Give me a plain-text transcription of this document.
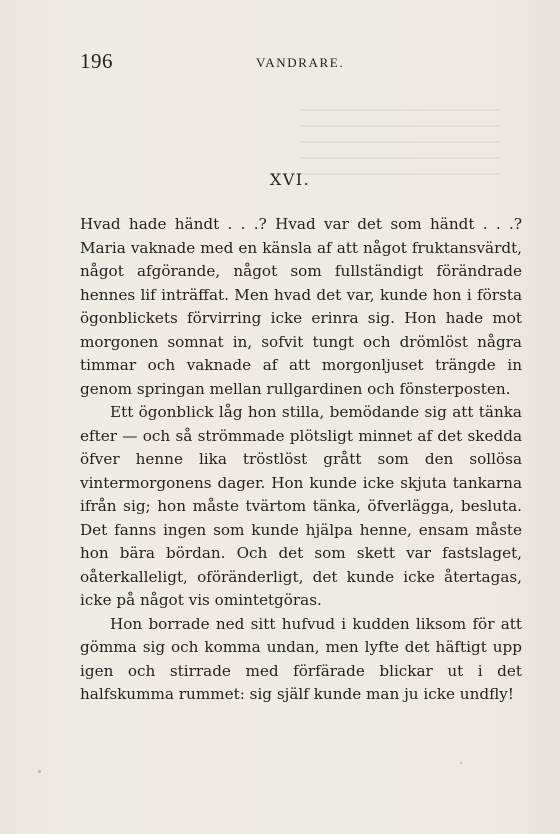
196	VANDRARE.
XVI.

Hvad hade händt . . .? Hvad var det som händt . . .? Maria vaknade med en känsla af att något fruktansvärdt, något afgörande, något som fullständigt förändrade hennes lif inträffat. Men hvad det var, kunde hon i första ögonblickets förvirring icke erinra sig. Hon hade mot morgonen somnat in, sofvit tungt och drömlöst några timmar och vaknade af att morgonljuset trängde in genom springan mellan rullgardinen och fönsterposten.

Ett ögonblick låg hon stilla, bemödande sig att tänka efter — och så strömmade plötsligt minnet af det skedda öfver henne lika tröstlöst grått som den sollösa vintermorgonens dager. Hon kunde icke skjuta tankarna ifrån sig; hon måste tvärtom tänka, öfverlägga, besluta. Det fanns ingen som kunde hjälpa henne, ensam måste hon bära bördan. Och det som skett var fastslaget, oåterkalleligt, oföränderligt, det kunde icke återtagas, icke på något vis omintetgöras.

Hon borrade ned sitt hufvud i kudden liksom för att gömma sig och komma undan, men lyfte det häftigt upp igen och stirrade med förfärade blickar ut i det halfskumma rummet: sig själf kunde man ju icke undfly!
